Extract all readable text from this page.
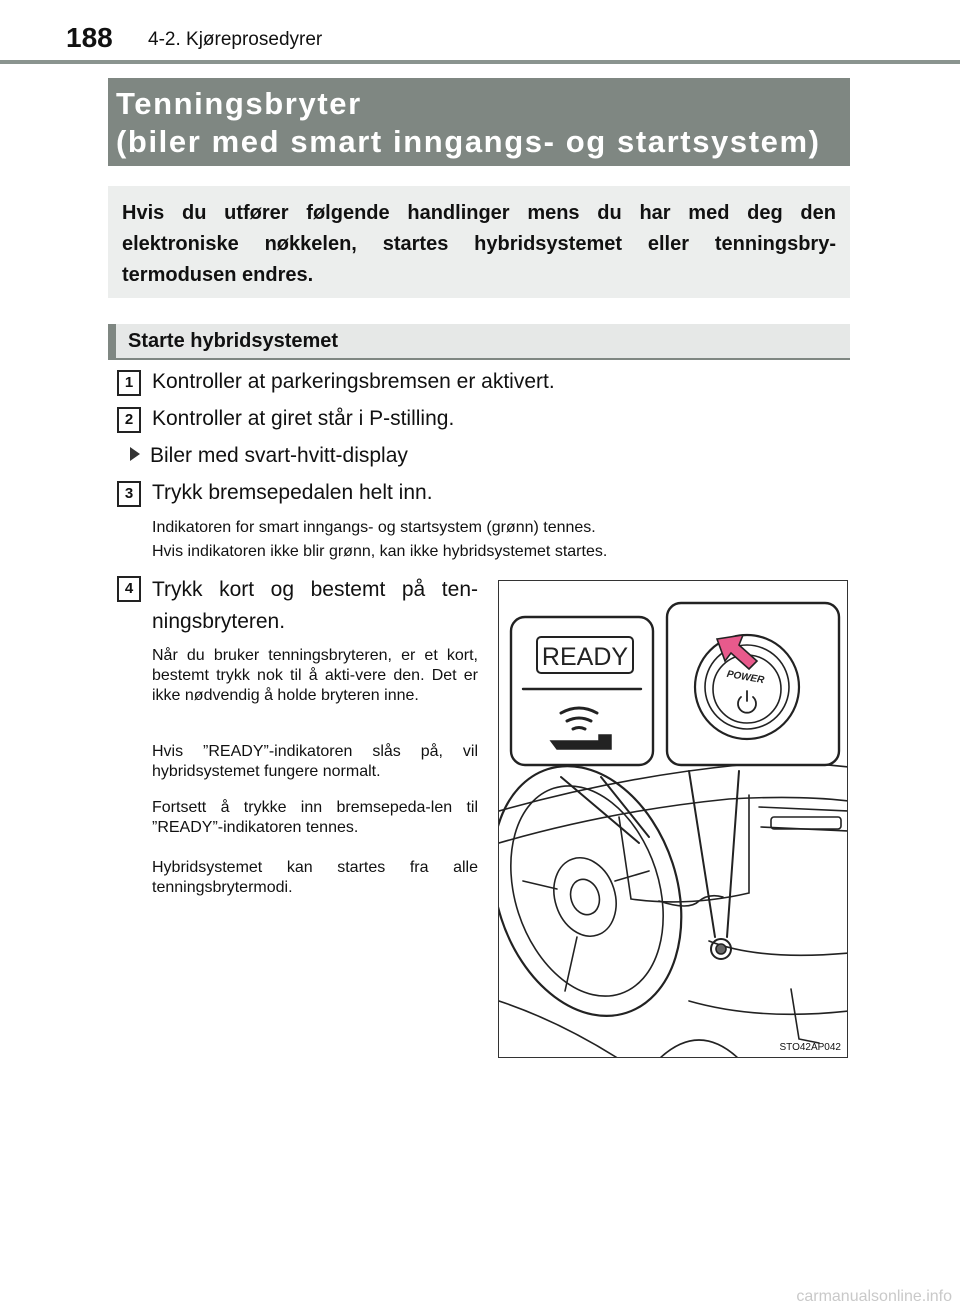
188 4-2. Kjøreprosedyrer
Tenningsbryter
(biler med smart inngangs- og startsystem)
Hvis du utfører følgende handlinger mens du har med deg den elektroniske nøkkelen, startes hybridsystemet eller tenningsbry-termodusen endres.
Starte hybridsystemet
1 Kontroller at parkeringsbremsen er aktivert.
2 Kontroller at giret står i P-stilling.
Biler med svart-hvitt-display
3 Trykk bremsepedalen helt inn.
Indikatoren for smart inngangs- og startsystem (grønn) tennes.
Hvis indikatoren ikke blir grønn, kan ikke hybridsystemet startes.
4 Trykk kort og bestemt på ten-ningsbryteren.
Når du bruker tenningsbryteren, er et kort, bestemt trykk nok til å akti-vere den. Det er ikke nødvendig å holde bryteren inne.
Hvis ”READY”-indikatoren slås på, vil hybridsystemet fungere normalt.
Fortsett å trykke inn bremsepeda-len til ”READY”-indikatoren tennes.
Hybridsystemet kan startes fra alle tenningsbrytermodi.
READY
POWER
STO42AP042
carmanualsonline.info
